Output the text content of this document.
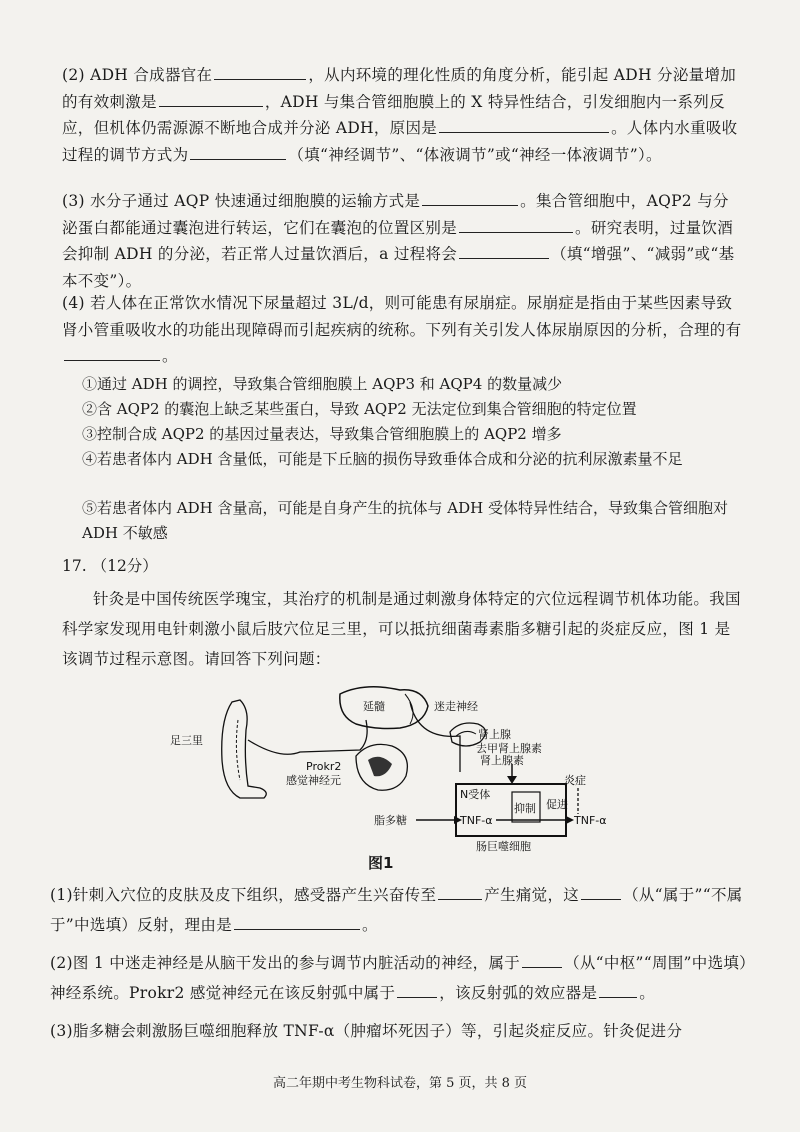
(2) ADH 合成器官在	，从内环境的理化性质的角度分析，能引起 ADH 分泌量增加的有效刺激是	，ADH 与集合管细胞膜上的 X 特异性结合，引发细胞内一系列反应，但机体仍需源源不断地合成并分泌 ADH，原因是	。人体内水重吸收过程的调节方式为	（填“神经调节”、“体液调节”或“神经一体液调节”）。
(3) 水分子通过 AQP 快速通过细胞膜的运输方式是	。集合管细胞中，AQP2 与分泌蛋白都能通过囊泡进行转运，它们在囊泡的位置区别是	。研究表明，过量饮酒会抑制 ADH 的分泌，若正常人过量饮酒后，a 过程将会	（填“增强”、“减弱”或“基本不变”）。
(4) 若人体在正常饮水情况下尿量超过 3L/d，则可能患有尿崩症。尿崩症是指由于某些因素导致肾小管重吸收水的功能出现障碍而引起疾病的统称。下列有关引发人体尿崩原因的分析，合理的有。
①通过 ADH 的调控，导致集合管细胞膜上 AQP3 和 AQP4 的数量减少
②含 AQP2 的囊泡上缺乏某些蛋白，导致 AQP2 无法定位到集合管细胞的特定位置
③控制合成 AQP2 的基因过量表达，导致集合管细胞膜上的 AQP2 增多
④若患者体内 ADH 含量低，可能是下丘脑的损伤导致垂体合成和分泌的抗利尿激素量不足
⑤若患者体内 ADH 含量高，可能是自身产生的抗体与 ADH 受体特异性结合，导致集合管细胞对 ADH 不敏感
17. （12分）
针灸是中国传统医学瑰宝，其治疗的机制是通过刺激身体特定的穴位远程调节机体功能。我国科学家发现用电针刺激小鼠后肢穴位足三里，可以抵抗细菌毒素脂多糖引起的炎症反应，图 1 是该调节过程示意图。请回答下列问题：
足三里
延髓	迷走神经
肾上腺
去甲肾上腺素
肾上腺素
Prokr2
感觉神经元
N受体
抑制
炎症
促进
脂多糖	TNF-α	TNF-α
肠巨噬细胞
图1
(1)针刺入穴位的皮肤及皮下组织，感受器产生兴奋传至	产生痛觉，这	（从“属于”“不属于”中选填）反射，理由是	。
(2)图 1 中迷走神经是从脑干发出的参与调节内脏活动的神经，属于	（从“中枢”“周围”中选填）神经系统。Prokr2 感觉神经元在该反射弧中属于	，该反射弧的效应器是	。
(3)脂多糖会刺激肠巨噬细胞释放 TNF-α（肿瘤坏死因子）等，引起炎症反应。针灸促进分
高二年期中考生物科试卷，第 5 页，共 8 页
